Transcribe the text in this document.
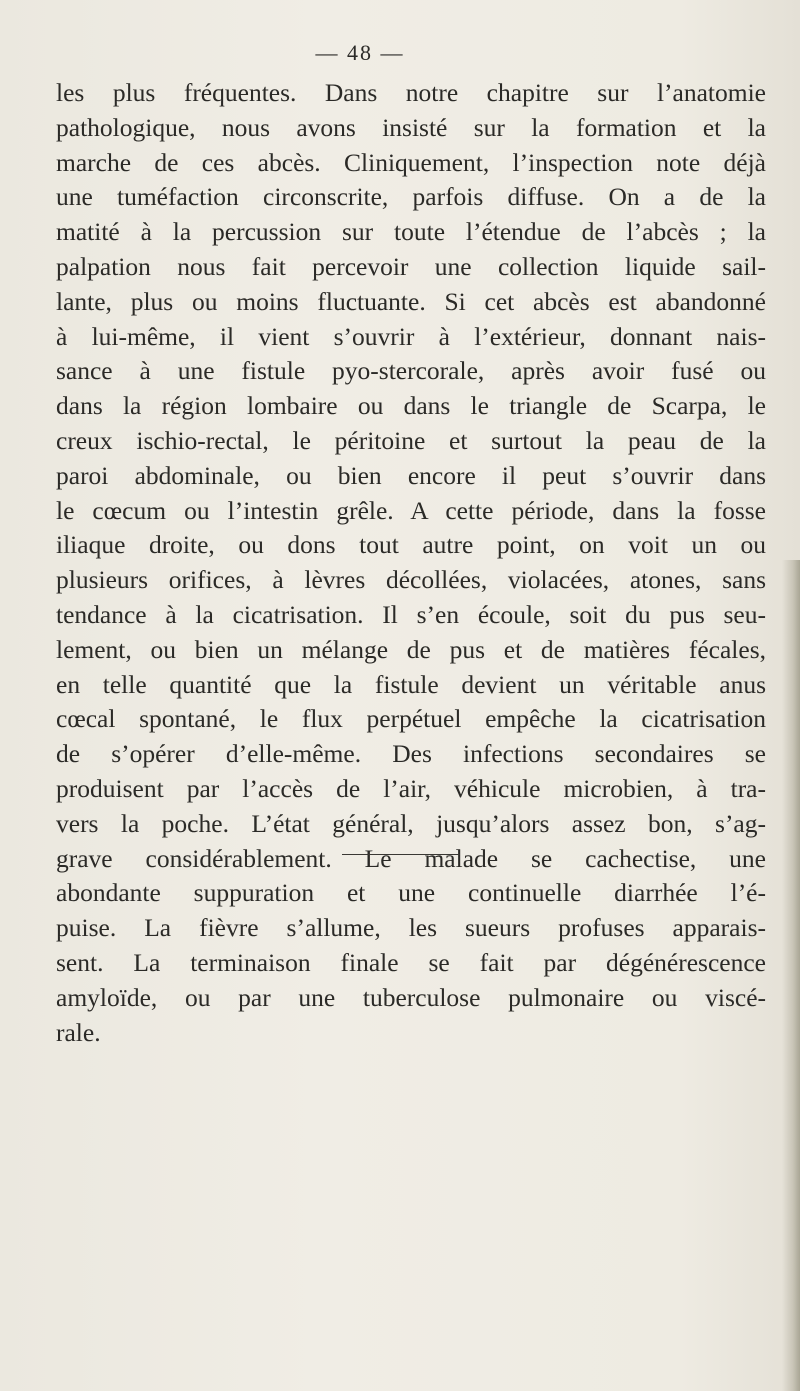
— 48 —
les plus fréquentes. Dans notre chapitre sur l’anatomie
pathologique, nous avons insisté sur la formation et la
marche de ces abcès. Cliniquement, l’inspection note déjà
une tuméfaction circonscrite, parfois diffuse. On a de la
matité à la percussion sur toute l’étendue de l’abcès ; la
palpation nous fait percevoir une collection liquide sail-
lante, plus ou moins fluctuante. Si cet abcès est abandonné
à lui-même, il vient s’ouvrir à l’extérieur, donnant nais-
sance à une fistule pyo-stercorale, après avoir fusé ou
dans la région lombaire ou dans le triangle de Scarpa, le
creux ischio-rectal, le péritoine et surtout la peau de la
paroi abdominale, ou bien encore il peut s’ouvrir dans
le cœcum ou l’intestin grêle. A cette période, dans la fosse
iliaque droite, ou dons tout autre point, on voit un ou
plusieurs orifices, à lèvres décollées, violacées, atones, sans
tendance à la cicatrisation. Il s’en écoule, soit du pus seu-
lement, ou bien un mélange de pus et de matières fécales,
en telle quantité que la fistule devient un véritable anus
cœcal spontané, le flux perpétuel empêche la cicatrisation
de s’opérer d’elle-même. Des infections secondaires se
produisent par l’accès de l’air, véhicule microbien, à tra-
vers la poche. L’état général, jusqu’alors assez bon, s’ag-
grave considérablement. Le malade se cachectise, une
abondante suppuration et une continuelle diarrhée l’é-
puise. La fièvre s’allume, les sueurs profuses apparais-
sent. La terminaison finale se fait par dégénérescence
amyloïde, ou par une tuberculose pulmonaire ou viscé-
rale.
